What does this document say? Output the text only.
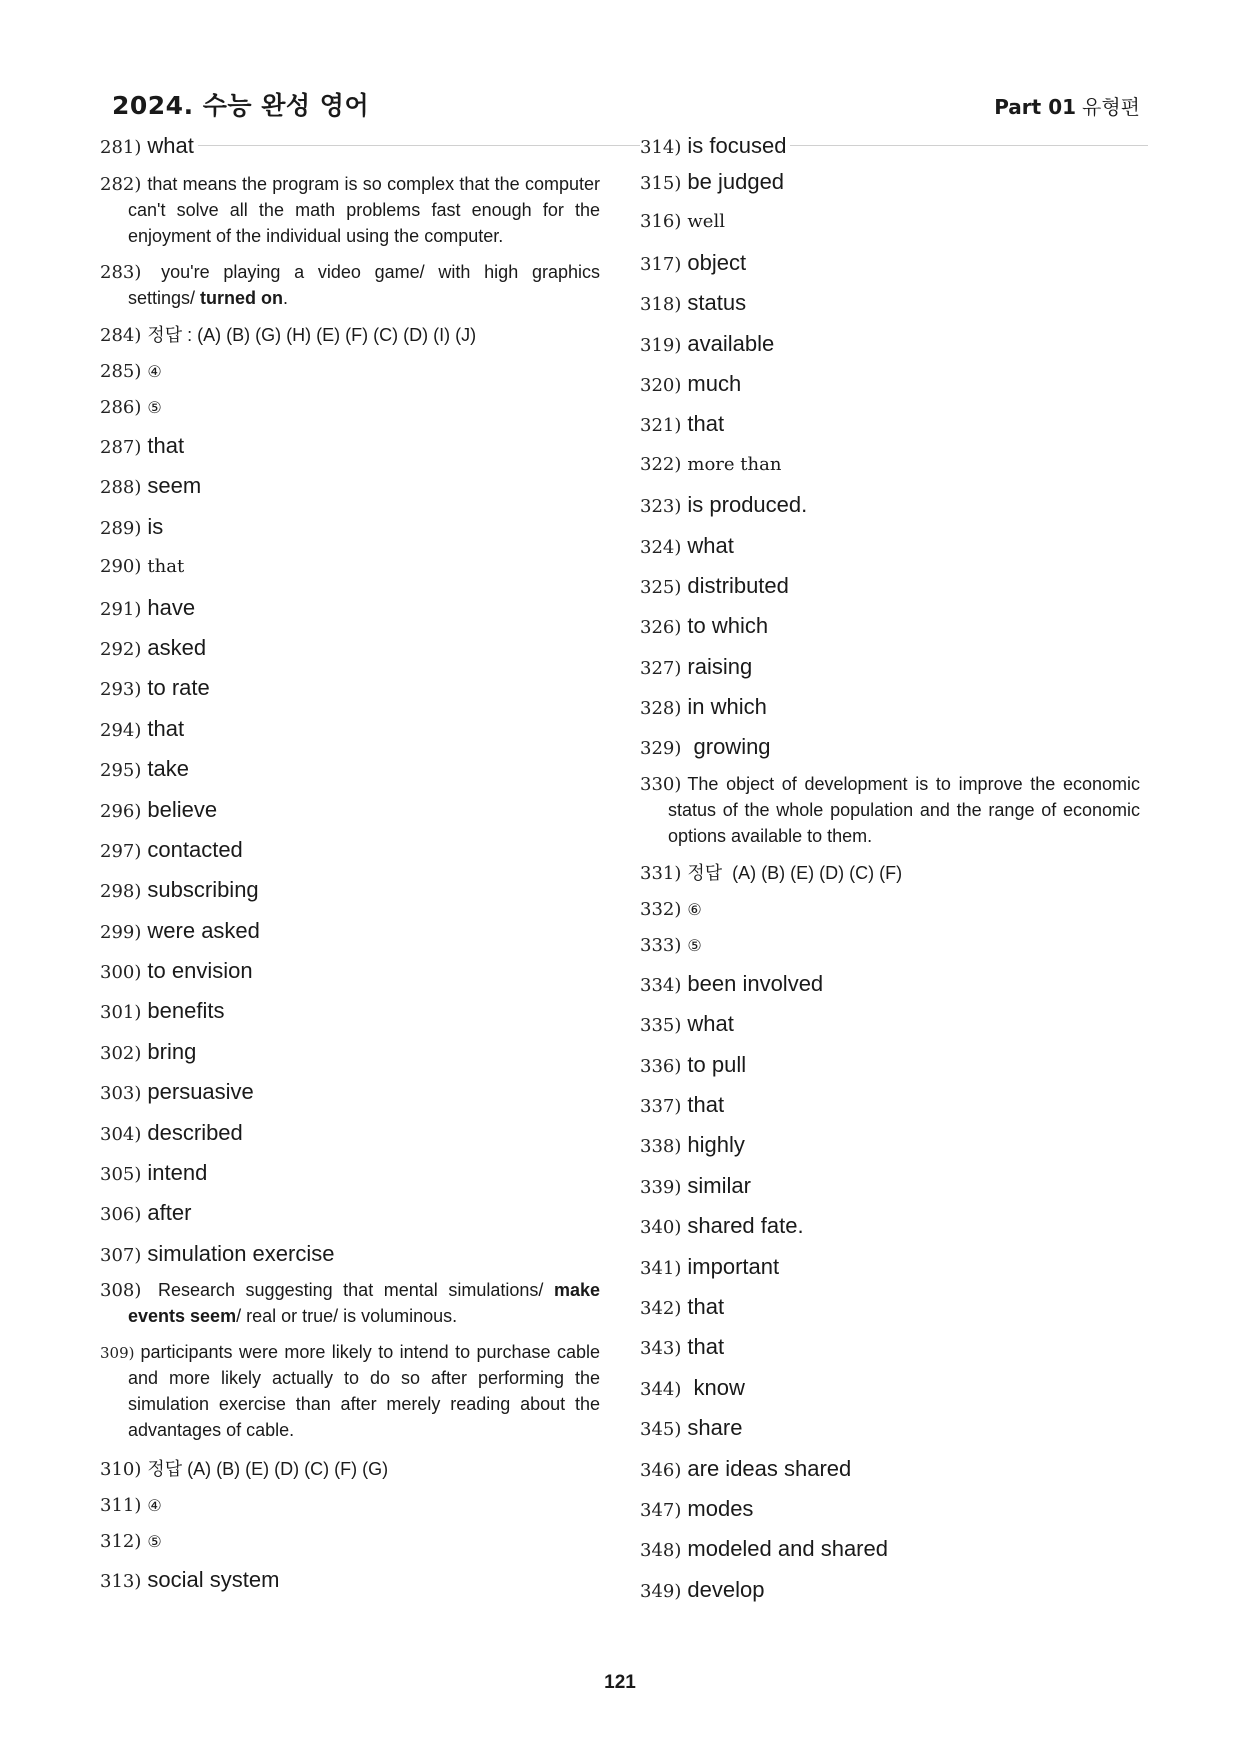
2024. 수능 완성 영어	Part 01 유형편
281) what
282) that means the program is so complex that the computer can't solve all the math problems fast enough for the enjoyment of the individual using the computer.
283) you're playing a video game/ with high graphics settings/ turned on.
284) 정답 : (A) (B) (G) (H) (E) (F) (C) (D) (I) (J)
285) ④
286) ⑤
287) that
288) seem
289) is
290) that
291) have
292) asked
293) to rate
294) that
295) take
296) believe
297) contacted
298) subscribing
299) were asked
300) to envision
301) benefits
302) bring
303) persuasive
304) described
305) intend
306) after
307) simulation exercise
308) Research suggesting that mental simulations/ make events seem/ real or true/ is voluminous.
309) participants were more likely to intend to purchase cable and more likely actually to do so after performing the simulation exercise than after merely reading about the advantages of cable.
310) 정답 (A) (B) (E) (D) (C) (F) (G)
311) ④
312) ⑤
313) social system
314) is focused
315) be judged
316) well
317) object
318) status
319) available
320) much
321) that
322) more than
323) is produced.
324) what
325) distributed
326) to which
327) raising
328) in which
329) growing
330) The object of development is to improve the economic status of the whole population and the range of economic options available to them.
331) 정답  (A) (B) (E) (D) (C) (F)
332) ⑥
333) ⑤
334) been involved
335) what
336) to pull
337) that
338) highly
339) similar
340) shared fate.
341) important
342) that
343) that
344) know
345) share
346) are ideas shared
347) modes
348) modeled and shared
349) develop
121
